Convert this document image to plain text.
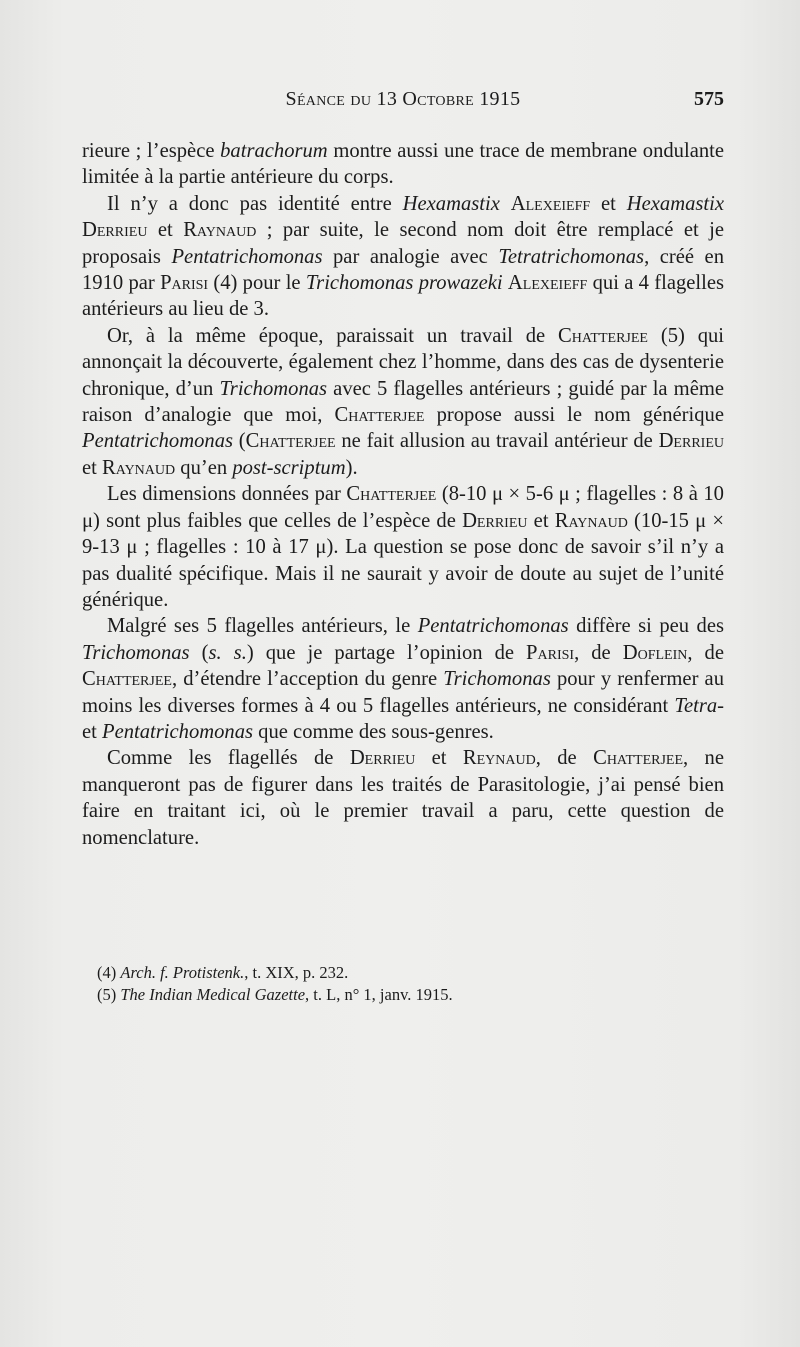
Séance du 13 Octobre 1915	575

rieure ; l’espèce batrachorum montre aussi une trace de membrane ondulante limitée à la partie antérieure du corps.

Il n’y a donc pas identité entre Hexamastix Alexeieff et Hexamastix Derrieu et Raynaud ; par suite, le second nom doit être remplacé et je proposais Pentatrichomonas par analogie avec Tetratrichomonas, créé en 1910 par Parisi (4) pour le Trichomonas prowazeki Alexeieff qui a 4 flagelles antérieurs au lieu de 3.

Or, à la même époque, paraissait un travail de Chatterjee (5) qui annonçait la découverte, également chez l’homme, dans des cas de dysenterie chronique, d’un Trichomonas avec 5 flagelles antérieurs ; guidé par la même raison d’analogie que moi, Chatterjee propose aussi le nom générique Pentatrichomonas (Chatterjee ne fait allusion au travail antérieur de Derrieu et Raynaud qu’en post-scriptum).

Les dimensions données par Chatterjee (8-10 μ × 5-6 μ ; flagelles : 8 à 10 μ) sont plus faibles que celles de l’espèce de Derrieu et Raynaud (10-15 μ × 9-13 μ ; flagelles : 10 à 17 μ). La question se pose donc de savoir s’il n’y a pas dualité spécifique. Mais il ne saurait y avoir de doute au sujet de l’unité générique.

Malgré ses 5 flagelles antérieurs, le Pentatrichomonas diffère si peu des Trichomonas (s. s.) que je partage l’opinion de Parisi, de Doflein, de Chatterjee, d’étendre l’acception du genre Trichomonas pour y renfermer au moins les diverses formes à 4 ou 5 flagelles antérieurs, ne considérant Tetra- et Pentatrichomonas que comme des sous-genres.

Comme les flagellés de Derrieu et Reynaud, de Chatterjee, ne manqueront pas de figurer dans les traités de Parasitologie, j’ai pensé bien faire en traitant ici, où le premier travail a paru, cette question de nomenclature.

(4) Arch. f. Protistenk., t. XIX, p. 232.

(5) The Indian Medical Gazette, t. L, n° 1, janv. 1915.
